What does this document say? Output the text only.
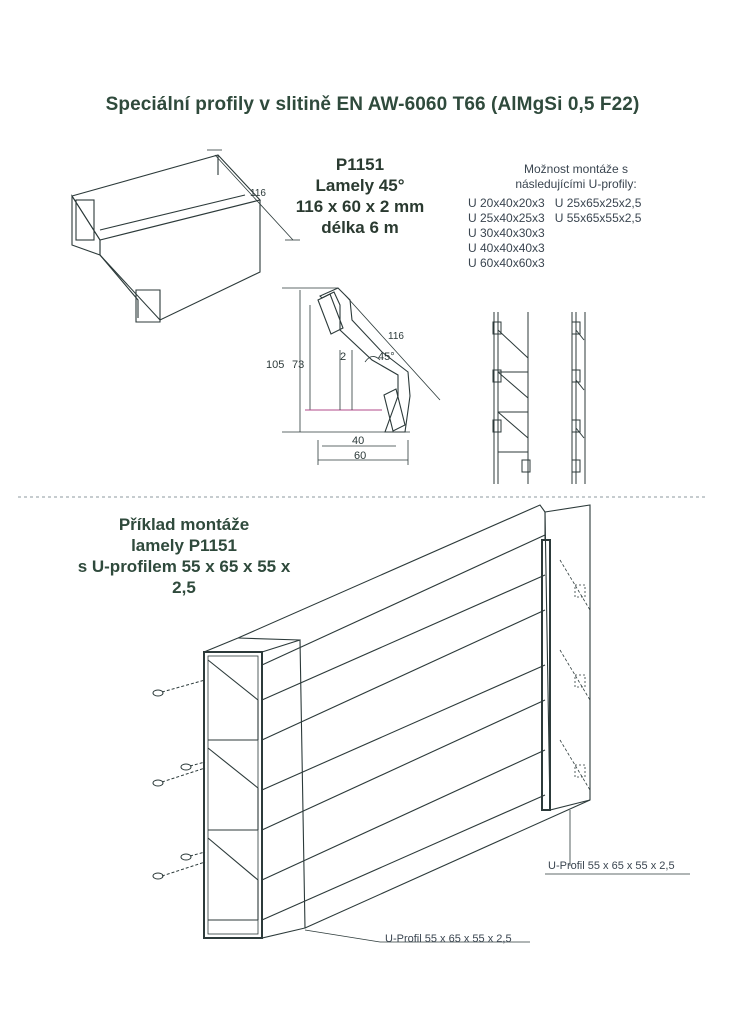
Speciální profily v slitině EN AW-6060 T66 (AlMgSi 0,5 F22)
P1151
Lamely 45°
116 x 60 x 2 mm
délka 6 m
Možnost montáže s
následujícími U-profily:
U 20x40x20x3
U 25x40x25x3
U 30x40x30x3
U 40x40x40x3
U 60x40x60x3
U 25x65x25x2,5
U 55x65x55x2,5
116
105 73
2	45°
116
40
60
Příklad montáže
lamely P1151
s U-profilem 55 x 65 x 55 x 2,5
U-Profil 55 x 65 x 55 x 2,5
U-Profil 55 x 65 x 55 x 2,5
